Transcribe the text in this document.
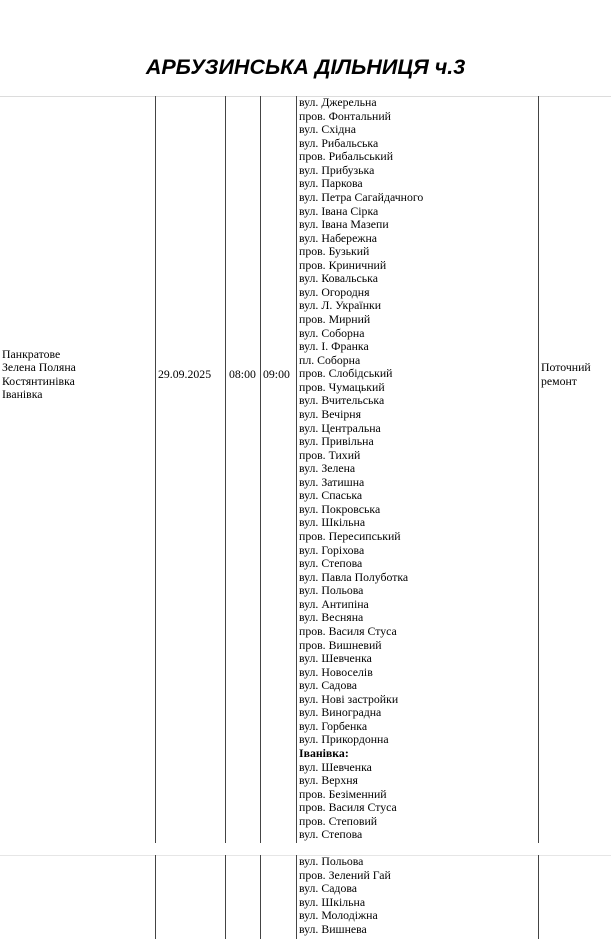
АРБУЗИНСЬКА ДІЛЬНИЦЯ ч.3
Панкратове
Зелена Поляна
Костянтинівка
Іванівка
29.09.2025 08:00 09:00
вул. Джерельна
пров. Фонтальний
вул. Східна
вул. Рибальська
пров. Рибальський
вул. Прибузька
вул. Паркова
вул. Петра Сагайдачного
вул. Івана Сірка
вул. Івана Мазепи
вул. Набережна
пров. Бузький
пров. Криничний
вул. Ковальська
вул. Огородня
вул. Л. Українки
пров. Мирний
вул. Соборна
вул. І. Франка
пл. Соборна
пров. Слобідський
пров. Чумацький
вул. Вчительська
вул. Вечірня
вул. Центральна
вул. Привільна
пров. Тихий
вул. Зелена
вул. Затишна
вул. Спаська
вул. Покровська
вул. Шкільна
пров. Пересипський
вул. Горіхова
вул. Степова
вул. Павла Полуботка
вул. Польова
вул. Антипіна
вул. Весняна
пров. Василя Стуса
пров. Вишневий
вул. Шевченка
вул. Новоселів
вул. Садова
вул. Нові застройки
вул. Виноградна
вул. Горбенка
вул. Прикордонна
Іванівка:
вул. Шевченка
вул. Верхня
пров. Безіменний
пров. Василя Стуса
пров. Степовий
вул. Степова
Поточний ремонт
вул. Польова
пров. Зелений Гай
вул. Садова
вул. Шкільна
вул. Молодіжна
вул. Вишнева
